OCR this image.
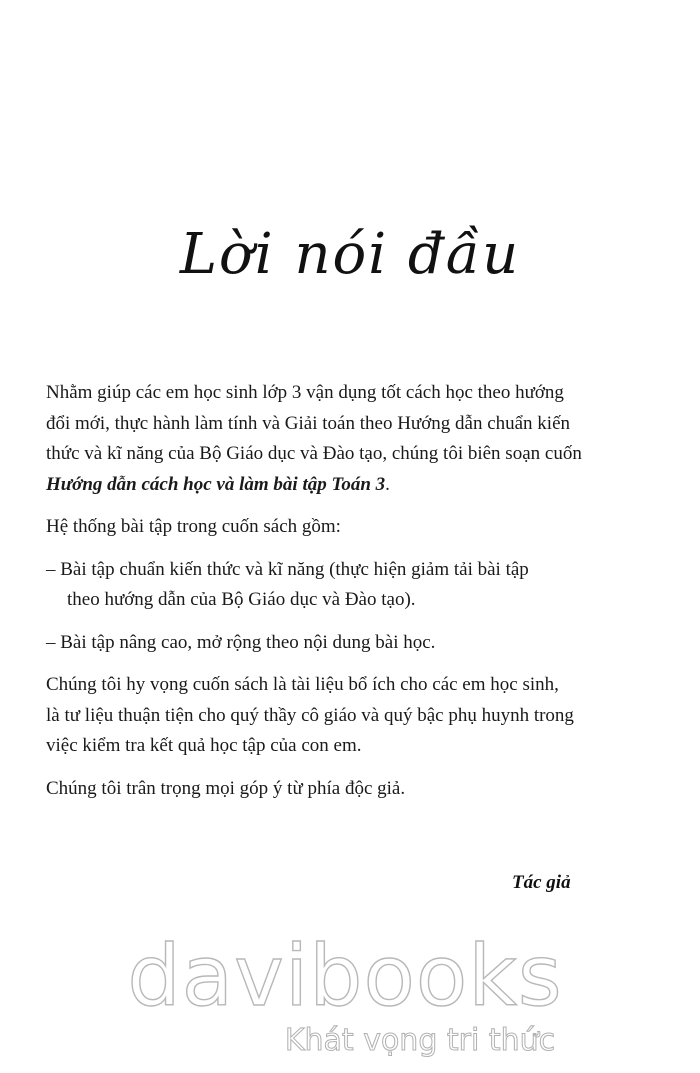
Lời nói đầu

Nhằm giúp các em học sinh lớp 3 vận dụng tốt cách học theo hướng
đổi mới, thực hành làm tính và Giải toán theo Hướng dẫn chuẩn kiến
thức và kĩ năng của Bộ Giáo dục và Đào tạo, chúng tôi biên soạn cuốn
Hướng dẫn cách học và làm bài tập Toán 3.

Hệ thống bài tập trong cuốn sách gồm:

– Bài tập chuẩn kiến thức và kĩ năng (thực hiện giảm tải bài tập
theo hướng dẫn của Bộ Giáo dục và Đào tạo).

– Bài tập nâng cao, mở rộng theo nội dung bài học.

Chúng tôi hy vọng cuốn sách là tài liệu bổ ích cho các em học sinh,
là tư liệu thuận tiện cho quý thầy cô giáo và quý bậc phụ huynh trong
việc kiểm tra kết quả học tập của con em.

Chúng tôi trân trọng mọi góp ý từ phía độc giả.

Tác giả
davibooks
Khát vọng tri thức
